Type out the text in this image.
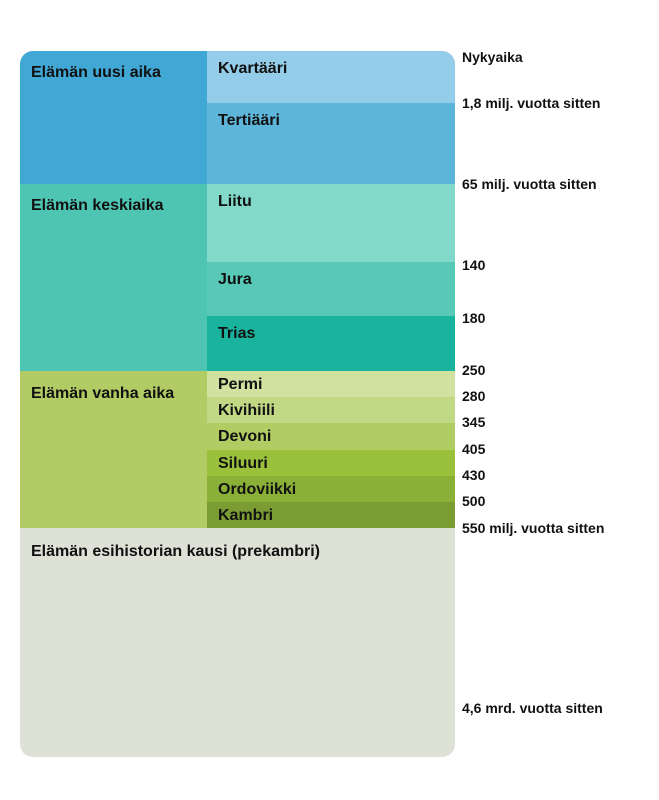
Elämän uusi aika	Kvartääri
Tertiääri
Elämän keskiaika	Liitu
Jura
Trias
Elämän vanha aika
Permi
Kivihiili
Devoni
Siluuri
Ordoviikki
Kambri
Elämän esihistorian kausi (prekambri)
Nykyaika
1,8 milj. vuotta sitten
65 milj. vuotta sitten
140
180
250
280
345
405
430
500
550 milj. vuotta sitten
4,6 mrd. vuotta sitten
